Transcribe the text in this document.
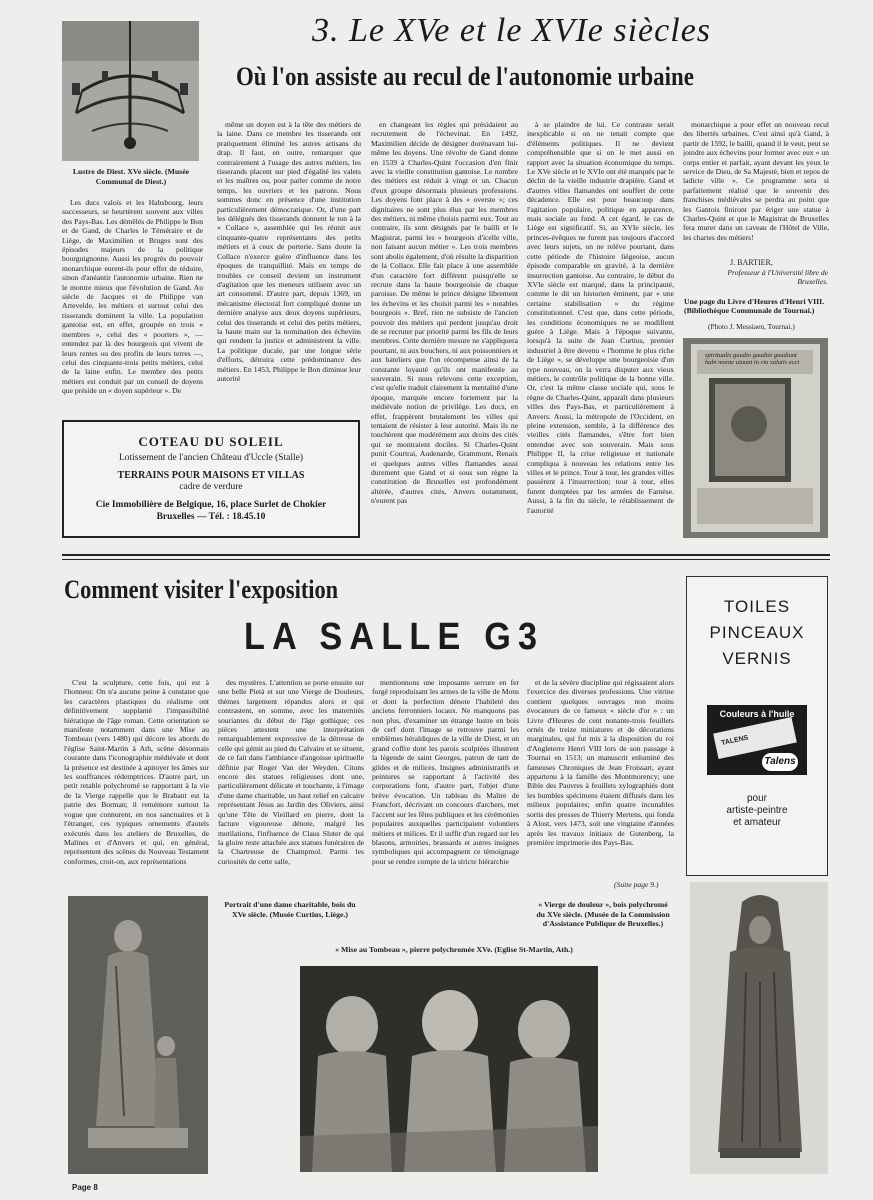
Lustre de Diest. XVe siècle. (Musée Communal de Diest.)
3. Le XVe et le XVIe siècles
Où l'on assiste au recul de l'autonomie urbaine

Les ducs valois et les Habsbourg, leurs successeurs, se heurtèrent souvent aux villes des Pays-Bas. Les démêlés de Philippe le Bon et de Gand, de Charles le Téméraire et de Liège, de Maximilien et Bruges sont des épisodes majeurs de la politique bourguignonne. Aussi les progrès du pouvoir monarchique eurent-ils pour effet de réduire, sinon d'anéantir l'autonomie urbaine. Rien ne le montre mieux que l'évolution de Gand. Au siècle de Jacques et de Philippe van Artevelde, les métiers et surtout celui des tisserands dominent la ville. La population gantoise est, en effet, groupée en trois « membres », celui des « poorters », — entendez par là des bourgeois qui vivent de leurs rentes ou des profits de leurs terres —, celui des cinquante-trois petits métiers, celui de la laine enfin. Le membre des petits métiers est conduit par un conseil de doyens que préside un « doyen supérieur ». De

même un doyen est à la tête des métiers de la laine. Dans ce membre les tisserands ont pratiquement éliminé les autres artisans du drap. Il faut, en outre, remarquer que contrairement à l'usage des autres métiers, les tisserands placent sur pied d'égalité les valets et les maîtres ou, pour parler comme de notre temps, les ouvriers et les patrons. Nous sommes donc en présence d'une institution particulièrement démocratique. Or, d'une part les délégués des tisserands donnent le ton à la « Collace », assemblée qui les réunit aux cinquante-quatre représentants des petits métiers et à ceux de porterie. Sans doute la Collace n'exerce guère d'influence dans les époques de tranquillité. Mais en temps de troubles ce conseil devient un instrument d'agitation que les meneurs utilisent avec un art consommé. D'autre part, depuis 1369, un mécanisme électoral fort compliqué donne un dernière analyse aux deux doyens supérieurs, celui des tisserands et celui des petits métiers, la haute main sur la nomination des échevins qui rendent la justice et administrent la ville. La politique ducale, par une longue série d'efforts, détruira cette prédominance des métiers. En 1453, Philippe le Bon diminue leur autorité

en changeant les règles qui présidaient au recrutement de l'échevinat. En 1492, Maximilien décide de désigner dorénavant lui-même les doyens. Une révolte de Gand donne en 1539 à Charles-Quint l'occasion d'en finir avec la vieille constitution gantoise. Le nombre des métiers est réduit à vingt et un. Chacun d'eux groupe désormais plusieurs professions. Les doyens font place à des « overste »; ces dignitaires ne sont plus élus par les membres des métiers, ni même choisis parmi eux. Tout au contraire, ils sont désignés par le bailli et le Magistrat, parmi les « bourgeois d'icelle ville, non faisant aucun métier ». Les trois membres sont abolis également, d'où résulte la disparition de la Collace. Elle fait place à une assemblée d'un caractère fort différent puisqu'elle se recrute dans la haute bourgeoisie de chaque paroisse. De même le prince désigne librement les échevins et les choisit parmi les « notables bourgeois ». Bref, rien ne subsiste de l'ancien pouvoir des métiers qui perdent jusqu'au droit de se recruter par priorité parmi les fils de leurs membres. Cette dernière mesure ne s'appliquera pourtant, ni aux bouchers, ni aux poissonniers et aux bateliers que l'on récompense ainsi de la constante loyauté qu'ils ont manifestée au souverain. Si nous relevons cette exception, c'est qu'elle traduit clairement la mentalité d'une époque, marquée encore fortement par la médiévale notion de privilège. Les ducs, en effet, frappèrent brutalement les villes qui tentaient de résister à leur autorité. Mais ils ne touchèrent que modérément aux droits des cités qui se montraient dociles. Si Charles-Quint punit Courtrai, Audenarde, Grammont, Renaix et quelques autres villes flamandes aussi durement que Gand et si sous son règne la constitution de Bruxelles est profondément altérée, d'autres cités, Anvers notamment, n'eurent pas

à se plaindre de lui. Ce contraste serait inexplicable si on ne tenait compte que d'éléments politiques. Il ne devient compréhensible que si on le met aussi en rapport avec la situation économique du temps. Le XVe siècle et le XVIe ont été marqués par le déclin de la vieille industrie drapière. Gand et d'autres villes flamandes ont souffert de cette décadence. Elle est pour beaucoup dans l'agitation populaire, politique en apparence, mais sociale au fond. A cet égard, le cas de Liège est significatif. Si, au XVIe siècle, les princes-évêques ne furent pas toujours d'accord avec leurs sujets, on ne relève pourtant, dans cette période de l'histoire liégeoise, aucun épisode comparable en gravité, à la dernière insurrection gantoise. Au contraire, le début du XVIe siècle est marqué, dans la principauté, comme le dit un historien éminent, par « une certaine stabilisation » du régime constitutionnel. C'est que, dans cette période, les conditions économiques ne se modifient guère à Liège. Mais à l'époque suivante, lorsqu'à la suite de Jean Curtius, premier industriel à être devenu « l'homme le plus riche de Liège », se développe une bourgeoisie d'un type nouveau, on la verra disputer aux vieux métiers, le contrôle politique de la bonne ville. Or, c'est la même classe sociale qui, sous le règne de Charles-Quint, apparaît dans plusieurs villes des Pays-Bas, et particulièrement à Anvers. Aussi, la métropole de l'Occident, en pleine extension, semble, à la différence des vieilles cités flamandes, s'être fort bien entendue avec son souverain. Mais sous Philippe II, la crise religieuse et nationale compliqua à nouveau les relations entre les villes et le prince. Tour à tour, les grandes villes passèrent à l'insurrection; tour à tour, elles furent domptées par les armées de Farnèse. Aussi, à la fin du siècle, le rétablissement de l'autorité

monarchique a pour effet un nouveau recul des libertés urbaines. C'est ainsi qu'à Gand, à partir de 1592, le bailli, quand il le veut, peut se joindre aux échevins pour former avec eux « un corps entier et parfait, ayant devant les yeux le service de Dieu, de Sa Majesté, bien et repos de ladicte ville ». Ce programme sera si parfaitement réalisé que le souvenir des franchises médiévales se perdra au point que les Gantois finiront par ériger une statue à Charles-Quint et que le Magistrat de Bruxelles fera murer dans un caveau de l'Hôtel de Ville, les chartes des métiers!

J. BARTIER,
Professeur à l'Université libre de Bruxelles.
Une page du Livre d'Heures d'Henri VIII. (Bibliothèque Communale de Tournai.)
(Photo J. Messiaen, Tournai.)
spiritualis gaudio gaudiet gaudiunt habi monte uiuunt in via salutis ecci
COTEAU DU SOLEIL
Lotissement de l'ancien Château d'Uccle (Stalle)
TERRAINS POUR MAISONS ET VILLAS
cadre de verdure
Cie Immobilière de Belgique, 16, place Surlet de Chokier
Bruxelles — Tél. : 18.45.10
Comment visiter l'exposition
LA SALLE G3

C'est la sculpture, cette fois, qui est à l'honneur. On n'a aucune peine à constater que les caractères plastiques du réalisme ont définitivement supplanté l'impassibilité hiératique de l'âge roman. Cette orientation se manifeste notamment dans une Mise au Tombeau (vers 1480) qui décore les abords de l'église Saint-Martin à Ath, scène désormais courante dans l'iconographie médiévale et dont la présence est destinée à apitoyer les âmes sur les souffrances rédemptrices. D'autre part, un petit retable polychromé se rapportant à la vie de la Vierge rappelle que le Brabant est la patrie des Borman; il remémore surtout la vogue que connurent, en nos sanctuaires et à l'étranger, ces typiques ornements d'autels exécutés dans les ateliers de Bruxelles, de Malines et d'Anvers et qui, en général, représentent des scènes du Nouveau Testament conformes, croit-on, aux représentations

des mystères. L'attention se porte ensuite sur une belle Pietà et sur une Vierge de Douleurs, thèmes largement répandus alors et qui contrastent, en somme, avec les maternités souriantes du début de l'âge gothique; ces pièces attestent une interprétation remarquablement expressive de la détresse de celle qui gémit au pied du Calvaire et se situent, de ce fait dans l'ambiance d'angoisse spirituelle définie par Roger Van der Weyden. Citons encore des statues religieuses dont une, particulièrement délicate et touchante, à l'image d'une dame charitable, un haut relief en calcaire représentant Jésus au Jardin des Oliviers, ainsi qu'une Tête de Vieillard en pierre, dont la facture vigoureuse dénote, malgré les mutilations, l'influence de Claus Sluter de qui la gloire reste attachée aux statues funéraires de la Chartreuse de Champmol. Parmi les curiosités de cette salle,

mentionnons une imposante serrure en fer forgé reproduisant les armes de la ville de Mons et dont la perfection dénote l'habileté des anciens ferronniers locaux. Ne manquons pas non plus, d'examiner un étrange lustre en bois de cerf dont l'image se retrouve parmi les emblèmes héraldiques de la ville de Diest, et un grand coffre dont les parois sculptées illustrent la légende de saint Georges, patron de tant de gildes et de milices. Insignes administratifs et peintures se rapportant à l'activité des corporations font, d'autre part, l'objet d'une brève évocation. Un tableau du Maître de Francfort, décrivant un concours d'archers, met l'accent sur les fêtes publiques et les cérémonies populaires auxquelles participaient volontiers métiers et milices. Et il suffit d'un regard sur les blasons, armoiries, brassards et autres insignes symboliques qui accompagnent ce témoignage pour se rendre compte de la stricte hiérarchie

et de la sévère discipline qui régissaient alors l'exercice des diverses professions. Une vitrine contient quelques ouvrages non moins évocateurs de ce fameux « siècle d'or » : un Livre d'Heures de cent nonante-trois feuillets ornés de treize miniatures et de décorations marginales, qui fut mis à la disposition du roi d'Angleterre Henri VIII lors de son passage à Tournai en 1513; un manuscrit enluminé des fameuses Chroniques de Jean Froissart, ayant appartenu à la famille des Montmorency; une Bible des Pauvres à feuillets xylographiés dont les humbles spécimens étaient diffusés dans les milieux populaires; enfin quatre incunables sortis des presses de Thierry Mertens, qui fonda à Alost, vers 1473, soit une vingtaine d'années après les travaux initiaux de Gutenberg, la première imprimerie des Pays-Bas.

(Suite page 9.)
TOILES
PINCEAUX
VERNIS
Couleurs à l'huile
TALENS
Talens
pour
artiste-peintre
et amateur
Portrait d'une dame charitable, bois du XVe siècle. (Musée Curtius, Liège.)
« Mise au Tombeau », pierre polychromée XVe. (Eglise St-Martin, Ath.)
« Vierge de douleur », bois polychromé du XVe siècle. (Musée de la Commission d'Assistance Publique de Bruxelles.)
Page 8
